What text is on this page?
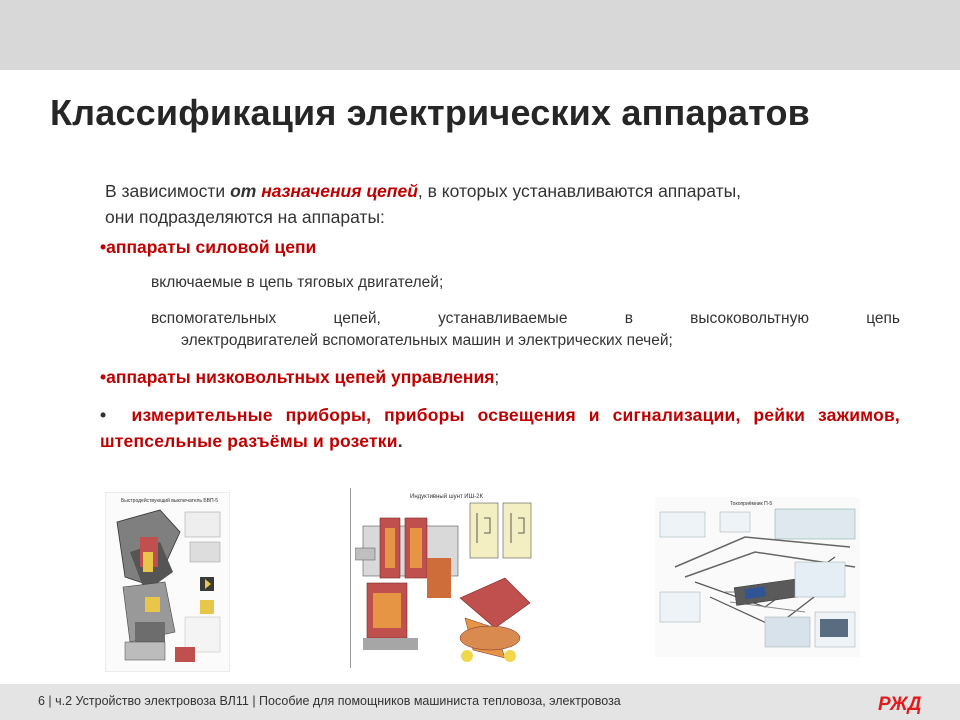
Классификация электрических аппаратов
В зависимости от назначения цепей, в которых устанавливаются аппараты,
они подразделяются на аппараты:
•аппараты силовой цепи
включаемые в цепь тяговых двигателей;
вспомогательных цепей, устанавливаемые в высоковольтную цепь
электродвигателей вспомогательных машин и электрических печей;
•аппараты низковольтных цепей управления;
• измерительные приборы, приборы освещения и сигнализации, рейки зажимов, штепсельные разъёмы и розетки.
Быстродействующий выключатель БВП-5
Индуктивный шунт ИШ-2К
Токоприёмник П-5
6 | ч.2 Устройство электровоза ВЛ11 | Пособие для помощников машиниста тепловоза, электровоза	РЖД
